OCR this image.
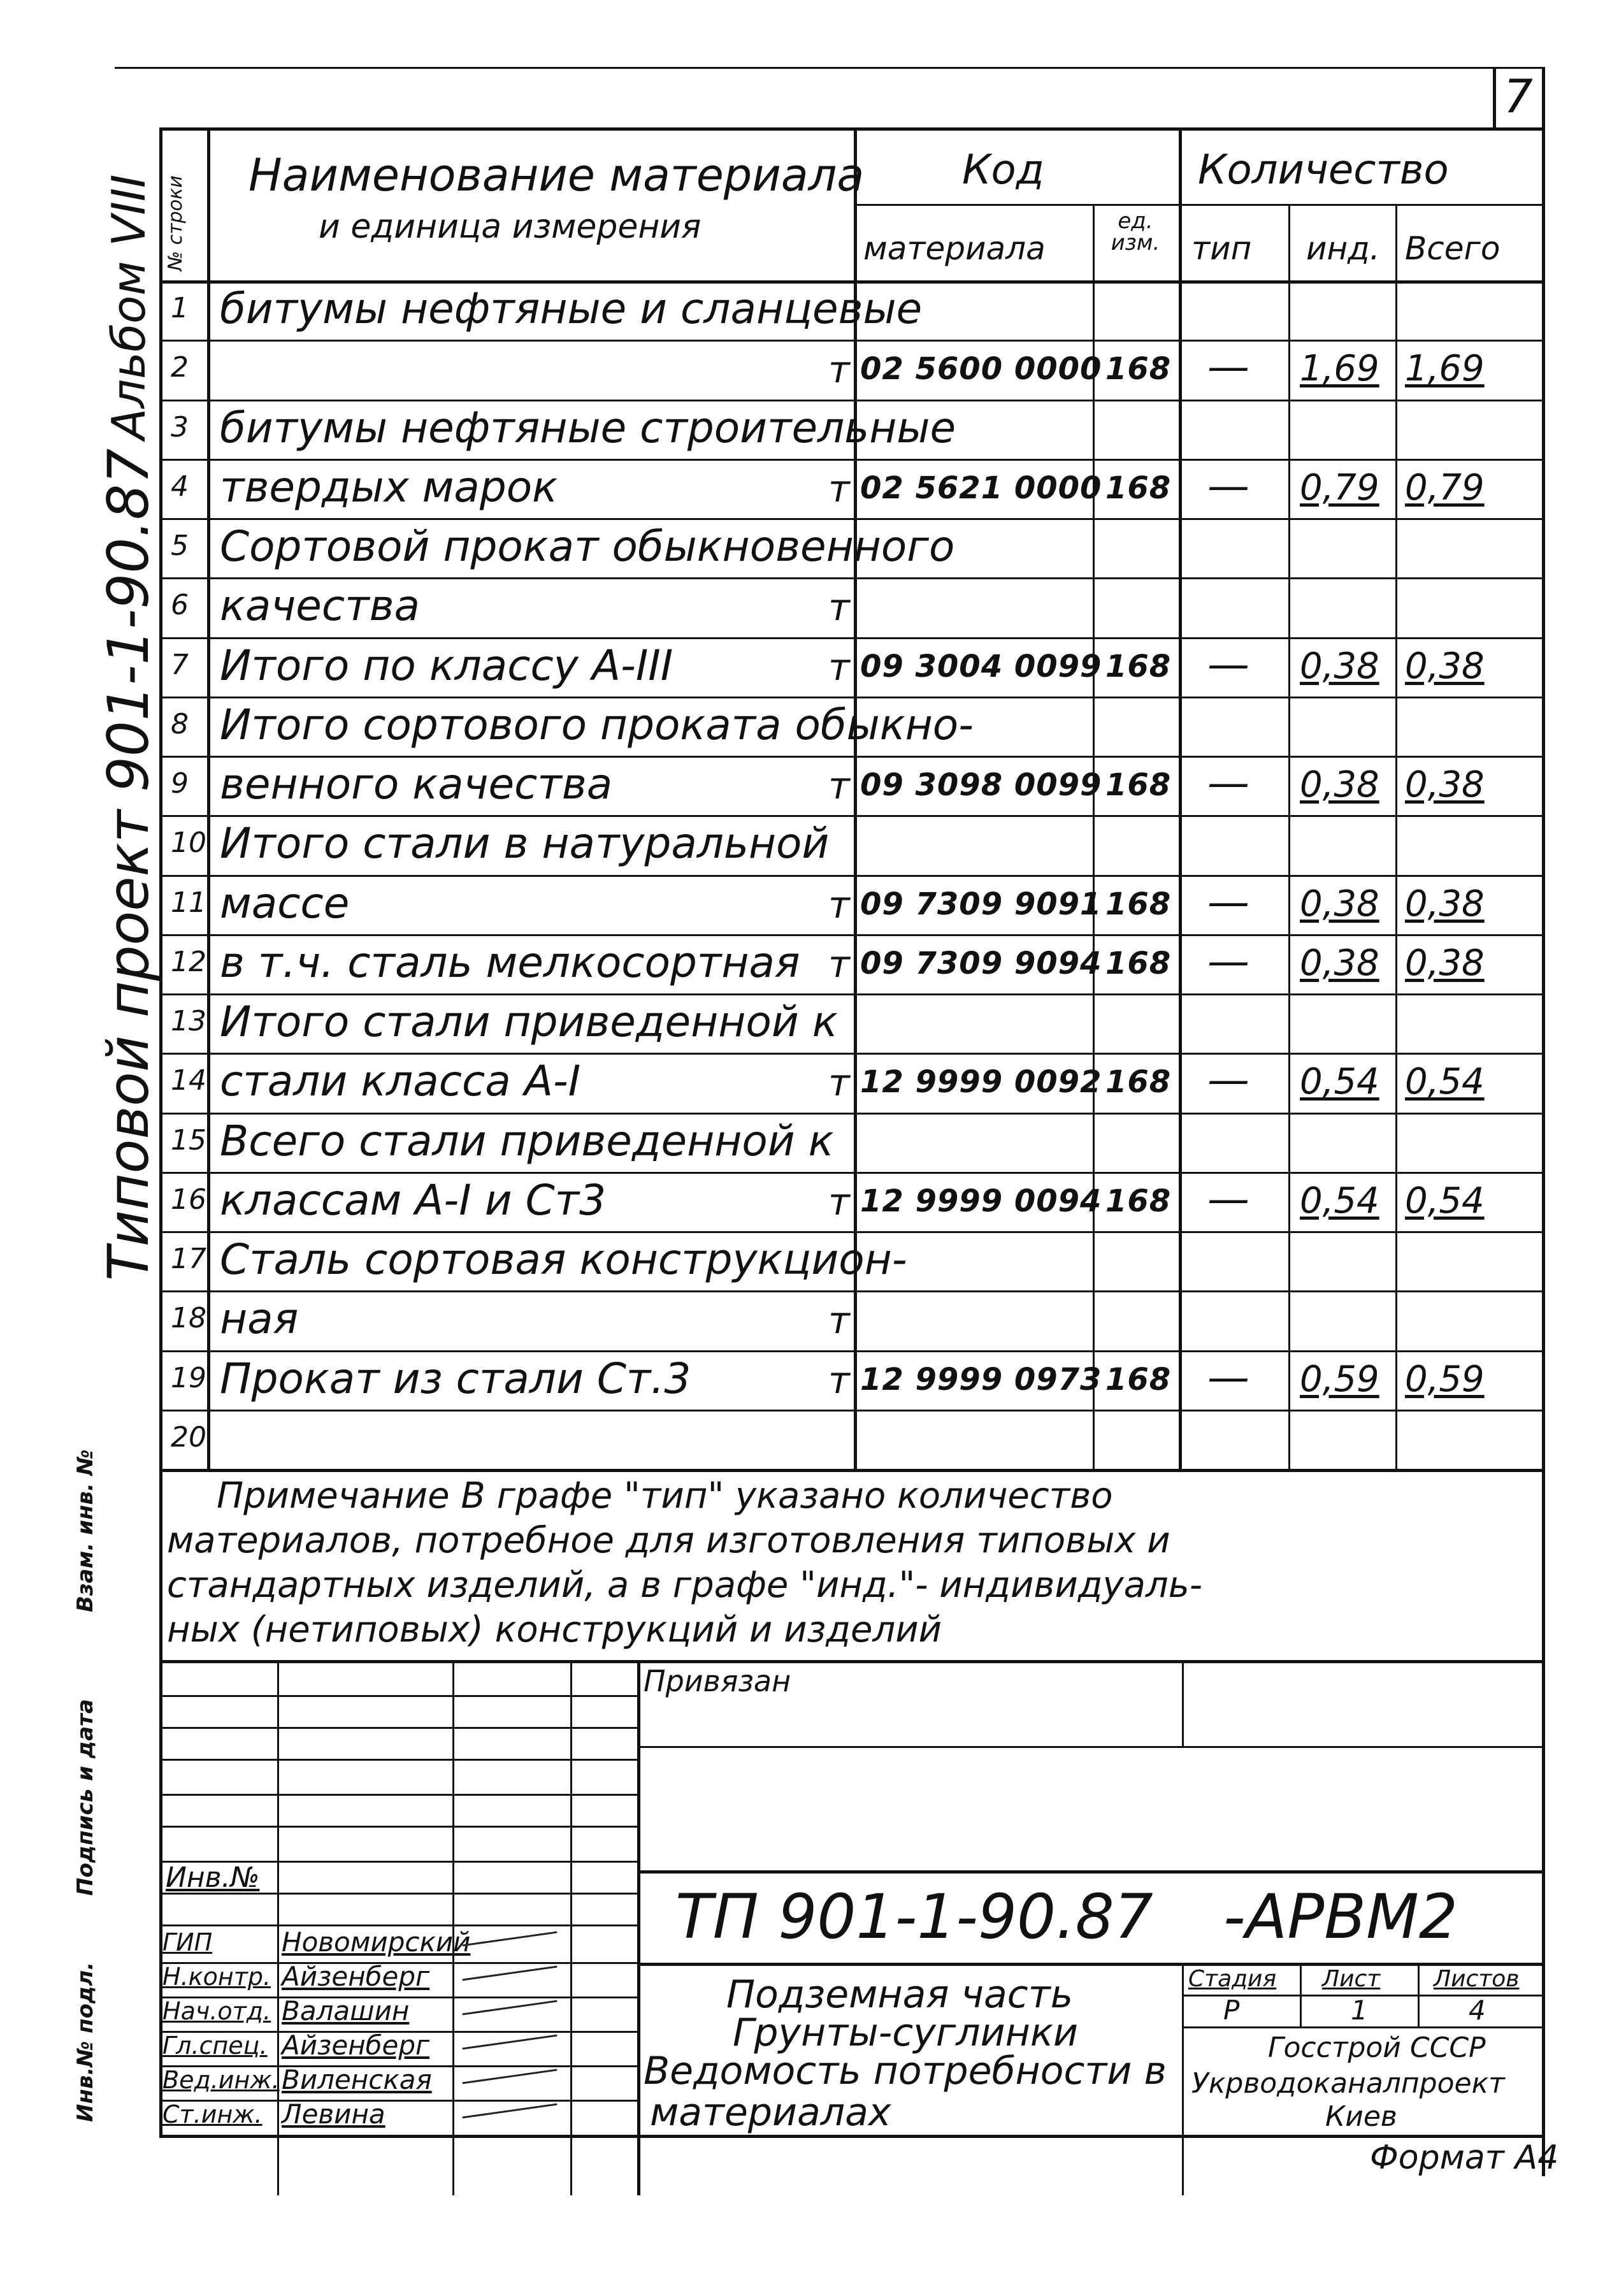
7
Альбом VIII
Типовой проект 901-1-90.87
Инв.№ подл.
Подпись и дата
Взам. инв. №
№ строки
Наименование материала
и единица измерения
Код
материала
ед. изм.
Количество
тип инд. Всего
1 битумы нефтяные и сланцевые
2	т 02 5600 0000 168 — 1,69 1,69
3 битумы нефтяные строительные
4 твердых марок	т 02 5621 0000 168 — 0,79 0,79
5 Сортовой прокат обыкновенного
6 качества	т
7 Итого по классу А-III	т 09 3004 0099 168 — 0,38 0,38
8 Итого сортового проката обыкно-
9 венного качества	т 09 3098 0099 168 — 0,38 0,38
10 Итого стали в натуральной
11 массе	т 09 7309 9091 168 — 0,38 0,38
12 в т.ч. сталь мелкосортная т 09 7309 9094 168 — 0,38 0,38
13 Итого стали приведенной к
14 стали класса А-I	т 12 9999 0092 168 — 0,54 0,54
15 Всего стали приведенной к
16 классам А-I и Ст3	т 12 9999 0094 168 — 0,54 0,54
17 Сталь сортовая конструкцион-
18 ная	т
19 Прокат из стали Ст.3	т 12 9999 0973 168 — 0,59 0,59
20
Примечание В графе "тип" указано количество
материалов, потребное для изготовления типовых и
стандартных изделий, а в графе "инд."- индивидуаль-
ных (нетиповых) конструкций и изделий
Привязан
Инв.№
ТП 901-1-90.87 -АРВМ2
ГИП	Новомирский
Н.контр. Айзенберг
Нач.отд. Валашин
Гл.спец. Айзенберг
Вед.инж. Виленская
Ст.инж. Левина
Подземная часть
Грунты-суглинки
Ведомость потребности в
материалах
Стадия Лист Листов
Р	1	4
Госстрой СССР
Укрводоканалпроект
Киев
Формат А4
